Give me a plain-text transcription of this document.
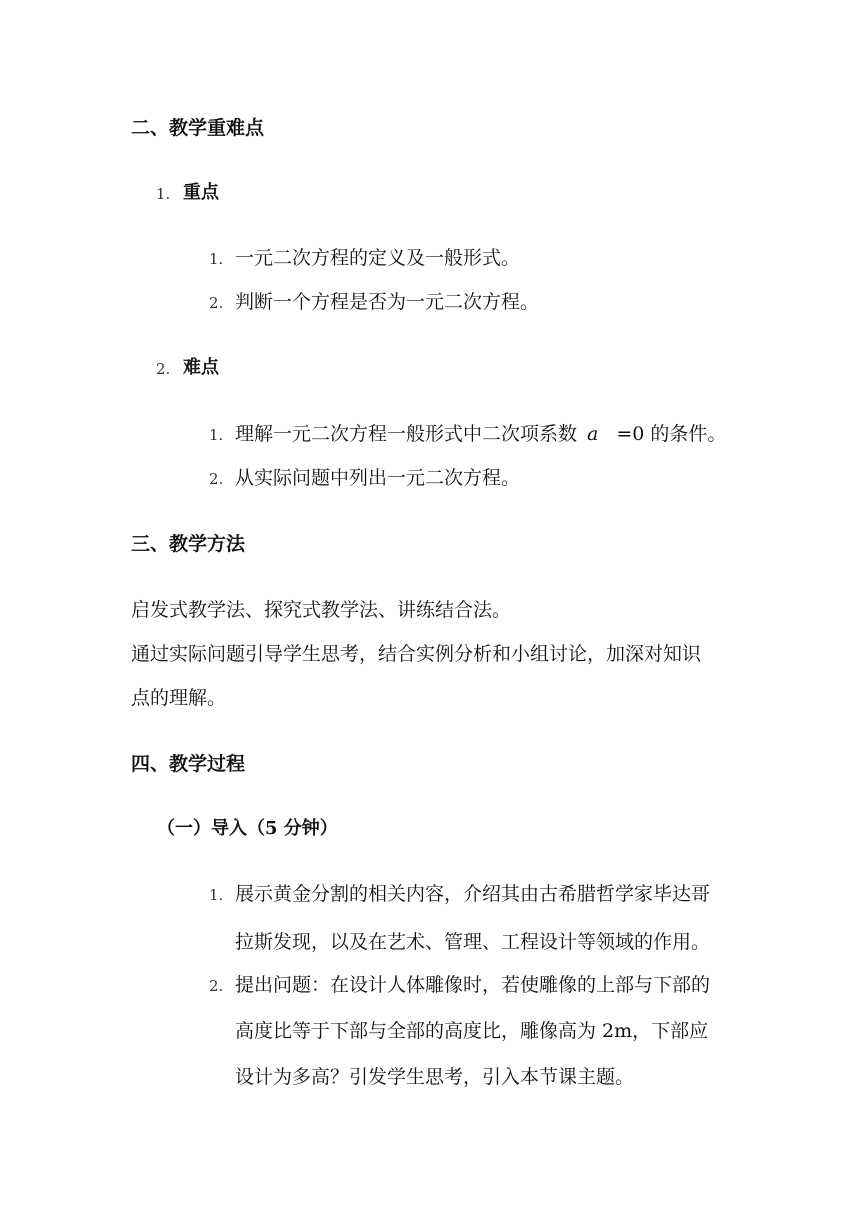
二、教学重难点
1. 重点
1. 一元二次方程的定义及一般形式。
2. 判断一个方程是否为一元二次方程。
2. 难点
1. 理解一元二次方程一般形式中二次项系数 a =0 的条件。
2. 从实际问题中列出一元二次方程。
三、教学方法
启发式教学法、探究式教学法、讲练结合法。
通过实际问题引导学生思考，结合实例分析和小组讨论，加深对知识
点的理解。
四、教学过程
（一）导入（5 分钟）
1. 展示黄金分割的相关内容，介绍其由古希腊哲学家毕达哥
拉斯发现，以及在艺术、管理、工程设计等领域的作用。
2. 提出问题：在设计人体雕像时，若使雕像的上部与下部的
高度比等于下部与全部的高度比，雕像高为 2m，下部应
设计为多高？引发学生思考，引入本节课主题。
